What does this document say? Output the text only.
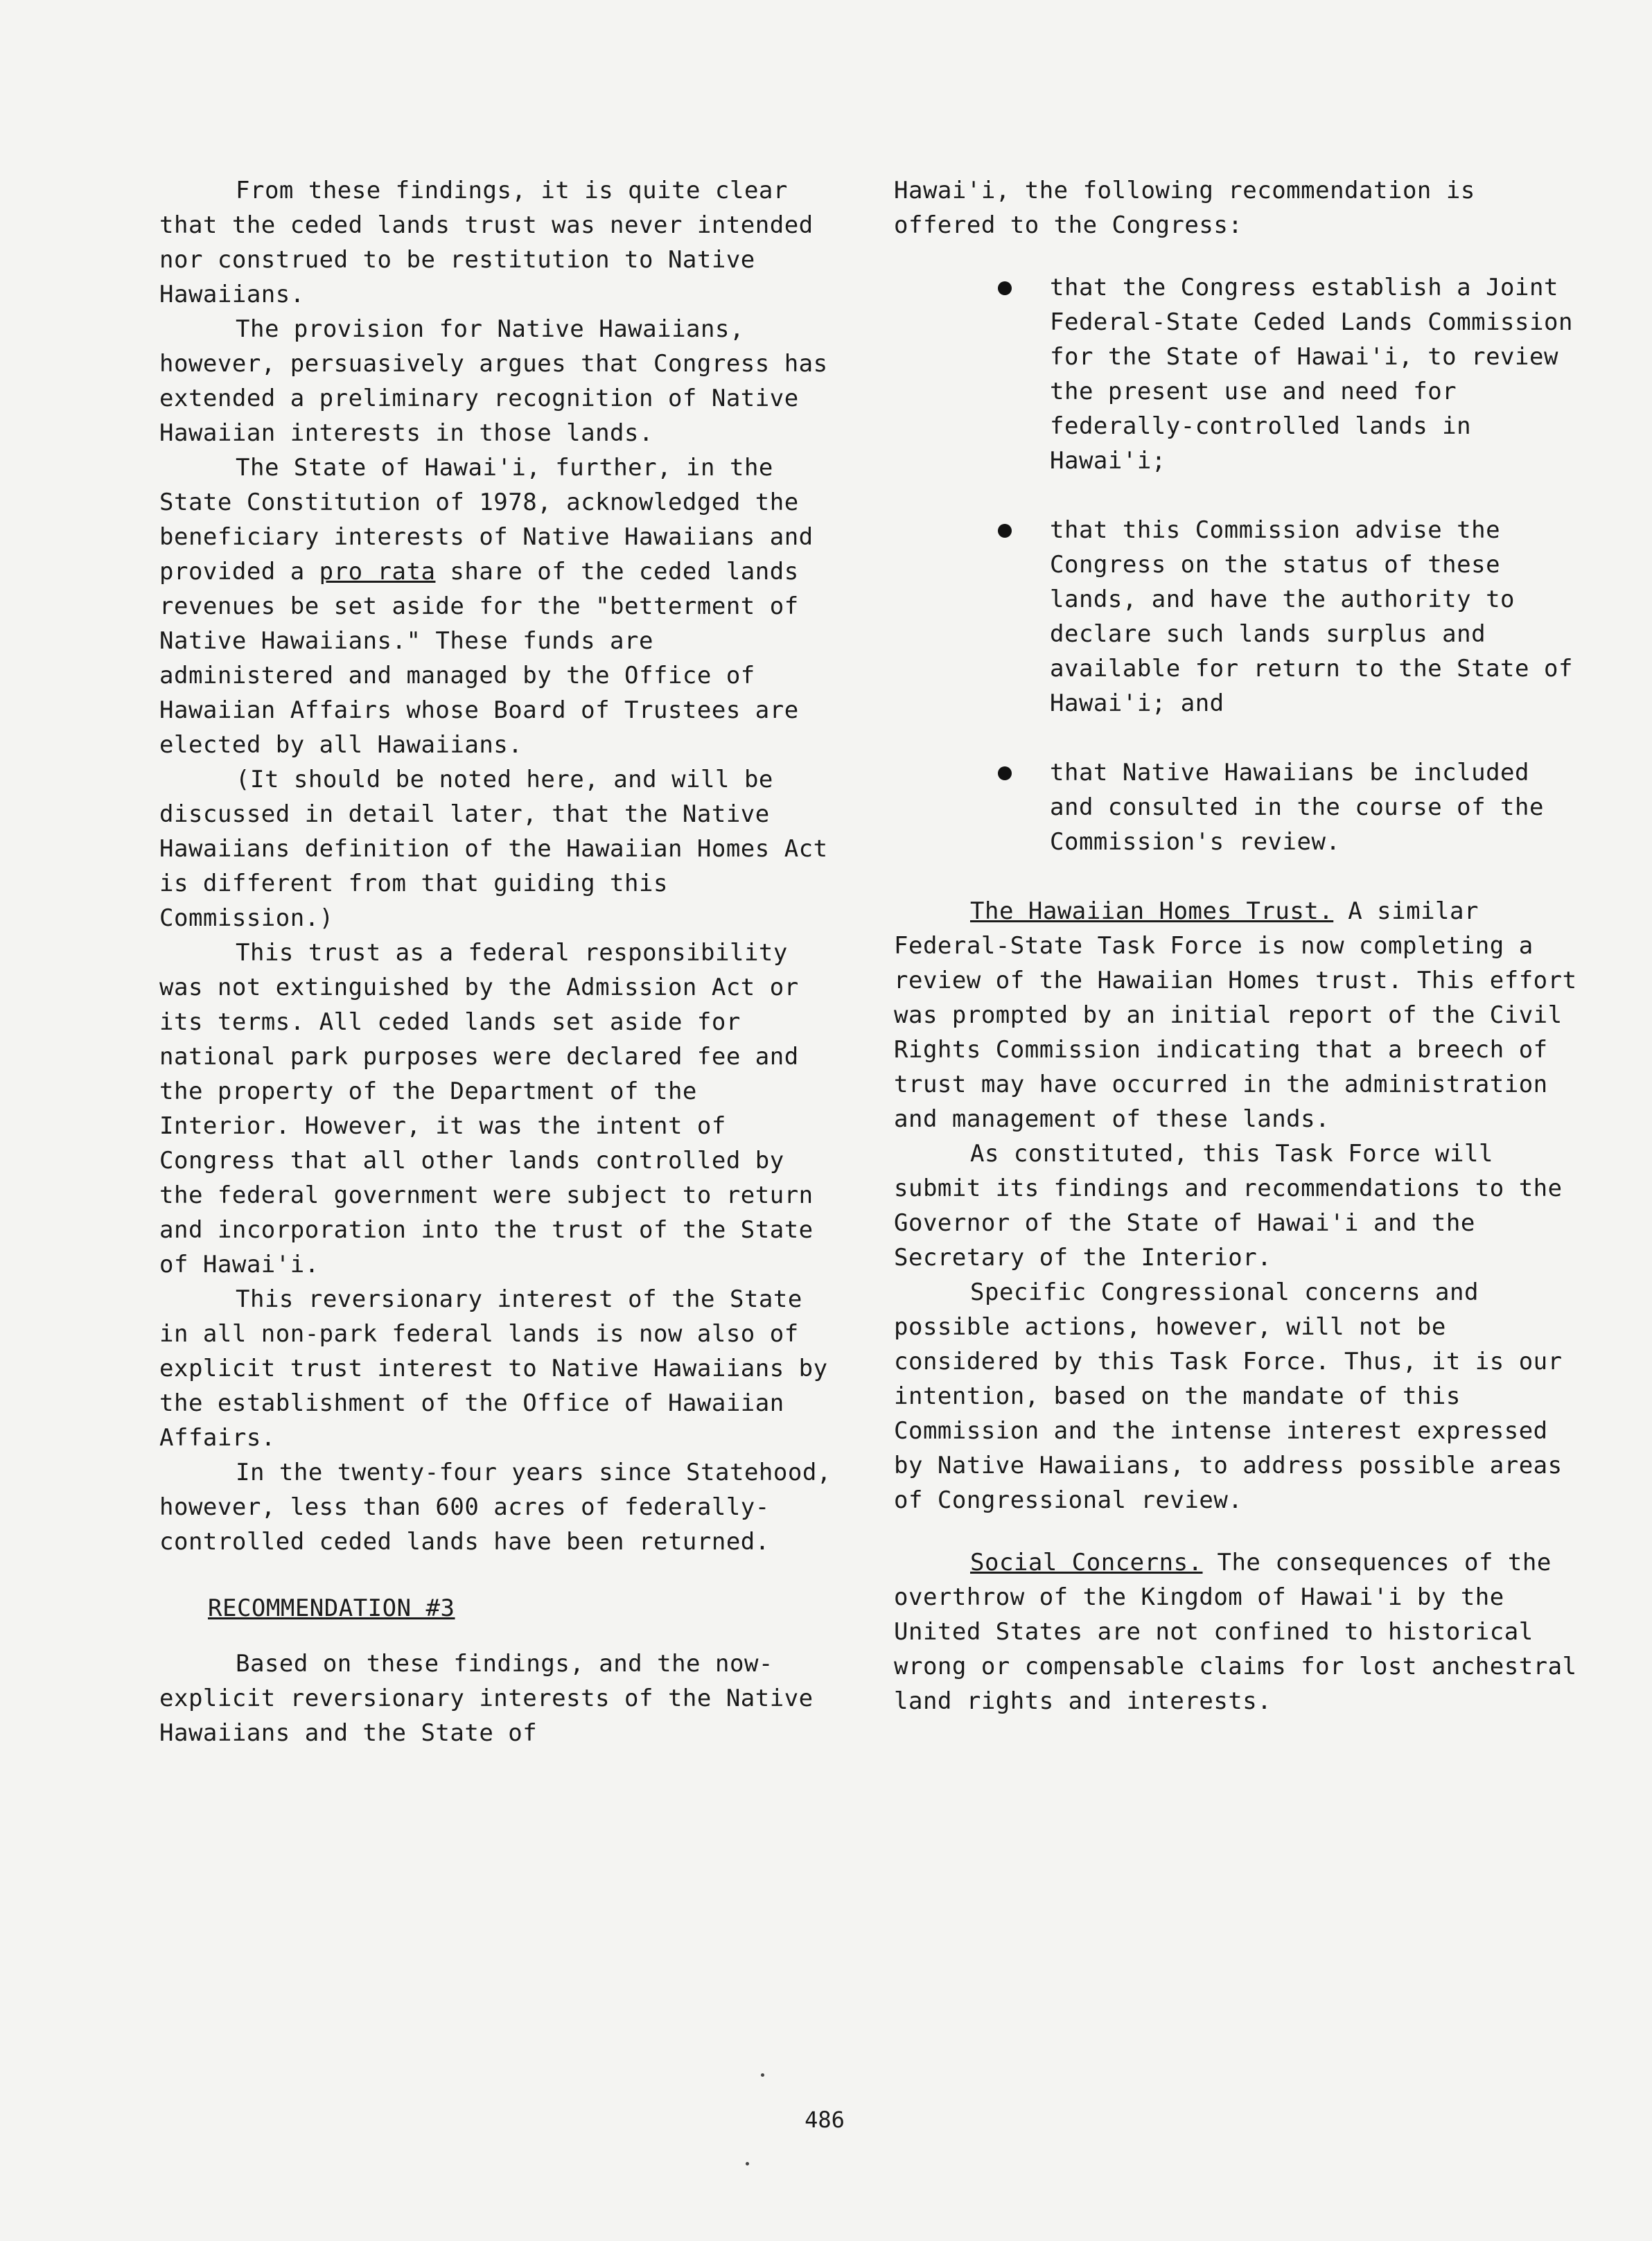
From these findings, it is quite clear that the ceded lands trust was never intended nor construed to be restitution to Native Hawaiians.

The provision for Native Hawaiians, however, persuasively argues that Congress has extended a preliminary recognition of Native Hawaiian interests in those lands.

The State of Hawai'i, further, in the State Constitution of 1978, acknowledged the beneficiary interests of Native Hawaiians and provided a pro rata share of the ceded lands revenues be set aside for the "betterment of Native Hawaiians." These funds are administered and managed by the Office of Hawaiian Affairs whose Board of Trustees are elected by all Hawaiians.

(It should be noted here, and will be discussed in detail later, that the Native Hawaiians definition of the Hawaiian Homes Act is different from that guiding this Commission.)

This trust as a federal responsibility was not extinguished by the Admission Act or its terms. All ceded lands set aside for national park purposes were declared fee and the property of the Department of the Interior. However, it was the intent of Congress that all other lands controlled by the federal government were subject to return and incorporation into the trust of the State of Hawai'i.

This reversionary interest of the State in all non-park federal lands is now also of explicit trust interest to Native Hawaiians by the establishment of the Office of Hawaiian Affairs.

In the twenty-four years since Statehood, however, less than 600 acres of federally-controlled ceded lands have been returned.

RECOMMENDATION #3

Based on these findings, and the now-explicit reversionary interests of the Native Hawaiians and the State of

Hawai'i, the following recommendation is offered to the Congress:

that the Congress establish a Joint Federal-State Ceded Lands Commission for the State of Hawai'i, to review the present use and need for federally-controlled lands in Hawai'i;
that this Commission advise the Congress on the status of these lands, and have the authority to declare such lands surplus and available for return to the State of Hawai'i; and
that Native Hawaiians be included and consulted in the course of the Commission's review.

The Hawaiian Homes Trust. A similar Federal-State Task Force is now completing a review of the Hawaiian Homes trust. This effort was prompted by an initial report of the Civil Rights Commission indicating that a breech of trust may have occurred in the administration and management of these lands.

As constituted, this Task Force will submit its findings and recommendations to the Governor of the State of Hawai'i and the Secretary of the Interior.

Specific Congressional concerns and possible actions, however, will not be considered by this Task Force. Thus, it is our intention, based on the mandate of this Commission and the intense interest expressed by Native Hawaiians, to address possible areas of Congressional review.

Social Concerns. The consequences of the overthrow of the Kingdom of Hawai'i by the United States are not confined to historical wrong or compensable claims for lost anchestral land rights and interests.

486
